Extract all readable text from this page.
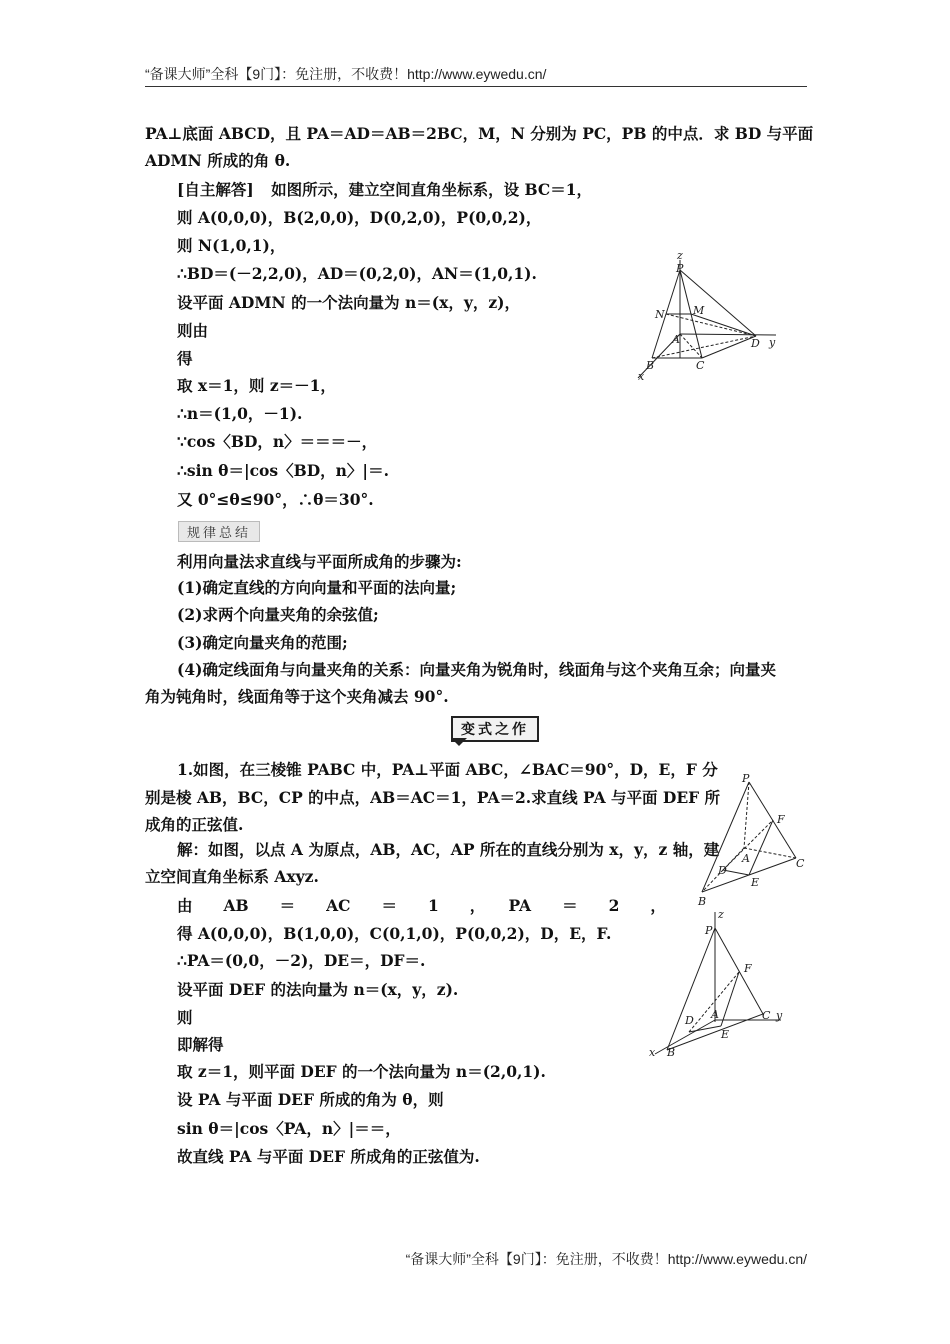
“备课大师”全科【9门】：免注册，不收费！http://www.eywedu.cn/
PA⊥底面 ABCD，且 PA＝AD＝AB＝2BC，M，N 分别为 PC，PB 的中点．求 BD 与平面
ADMN 所成的角 θ.
[自主解答] 如图所示，建立空间直角坐标系，设 BC＝1，
则 A(0,0,0)，B(2,0,0)，D(0,2,0)，P(0,0,2)，
则 N(1,0,1)，
∴BD＝(－2,2,0)，AD＝(0,2,0)，AN＝(1,0,1).
设平面 ADMN 的一个法向量为 n＝(x，y，z)，
则由
得
取 x＝1，则 z＝－1，
∴n＝(1,0，－1).
∵cos〈BD，n〉＝＝＝－，
∴sin θ＝|cos〈BD，n〉|＝.
又 0°≤θ≤90°，∴θ＝30°.
z
P
N	M
A	D y
B	C
x
规律总结
利用向量法求直线与平面所成角的步骤为:
(1)确定直线的方向向量和平面的法向量;
(2)求两个向量夹角的余弦值;
(3)确定向量夹角的范围;
(4)确定线面角与向量夹角的关系：向量夹角为锐角时，线面角与这个夹角互余；向量夹
角为钝角时，线面角等于这个夹角减去 90°.
变式之作
1.如图，在三棱锥 PABC 中，PA⊥平面 ABC，∠BAC＝90°，D，E，F 分
别是棱 AB，BC，CP 的中点，AB＝AC＝1，PA＝2.求直线 PA 与平面 DEF 所
成角的正弦值.
解：如图，以点 A 为原点，AB，AC，AP 所在的直线分别为 x，y，z 轴，建
立空间直角坐标系 Axyz.
由　　AB　　＝　　AC　　＝　　1　　，　　PA　　＝　　2　　，
得 A(0,0,0)，B(1,0,0)，C(0,1,0)，P(0,0,2)，D，E，F.
∴PA＝(0,0，－2)，DE＝，DF＝.
设平面 DEF 的法向量为 n＝(x，y，z).
则
即解得
取 z＝1，则平面 DEF 的一个法向量为 n＝(2,0,1).
设 PA 与平面 DEF 所成的角为 θ，则
sin θ＝|cos〈PA，n〉|＝＝，
故直线 PA 与平面 DEF 所成角的正弦值为.
P
F
A
D
E
C
B
z
P
F
A
D
E
C y
B
x
“备课大师”全科【9门】：免注册，不收费！http://www.eywedu.cn/
